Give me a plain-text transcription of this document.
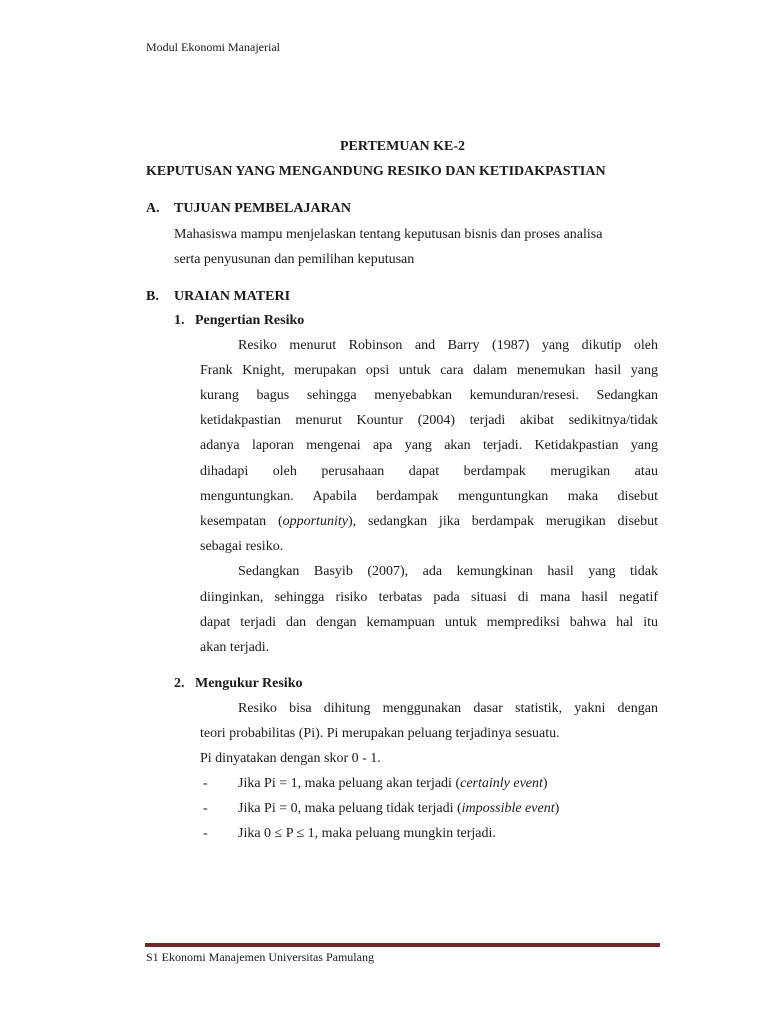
Modul Ekonomi Manajerial
PERTEMUAN KE-2
KEPUTUSAN YANG MENGANDUNG RESIKO DAN KETIDAKPASTIAN
A. TUJUAN PEMBELAJARAN
Mahasiswa mampu menjelaskan tentang keputusan bisnis dan proses analisa
serta penyusunan dan pemilihan keputusan
B. URAIAN MATERI
1.   Pengertian Resiko
Resiko menurut Robinson and Barry (1987) yang dikutip oleh
Frank Knight, merupakan opsi untuk cara dalam menemukan hasil yang
kurang bagus sehingga menyebabkan kemunduran/resesi. Sedangkan
ketidakpastian menurut Kountur (2004) terjadi akibat sedikitnya/tidak
adanya laporan mengenai apa yang akan terjadi. Ketidakpastian yang
dihadapi oleh perusahaan dapat berdampak merugikan atau
menguntungkan. Apabila berdampak menguntungkan maka disebut
kesempatan (opportunity), sedangkan jika berdampak merugikan disebut
sebagai resiko.
Sedangkan Basyib (2007), ada kemungkinan hasil yang tidak
diinginkan, sehingga risiko terbatas pada situasi di mana hasil negatif
dapat terjadi dan dengan kemampuan untuk memprediksi bahwa hal itu
akan terjadi.
2.   Mengukur Resiko
Resiko bisa dihitung menggunakan dasar statistik, yakni dengan
teori probabilitas (Pi). Pi merupakan peluang terjadinya sesuatu.
Pi dinyatakan dengan skor 0 - 1.
- Jika Pi = 1, maka peluang akan terjadi (certainly event)
- Jika Pi = 0, maka peluang tidak terjadi (impossible event)
- Jika 0 ≤ P ≤ 1, maka peluang mungkin terjadi.
S1 Ekonomi Manajemen Universitas Pamulang
